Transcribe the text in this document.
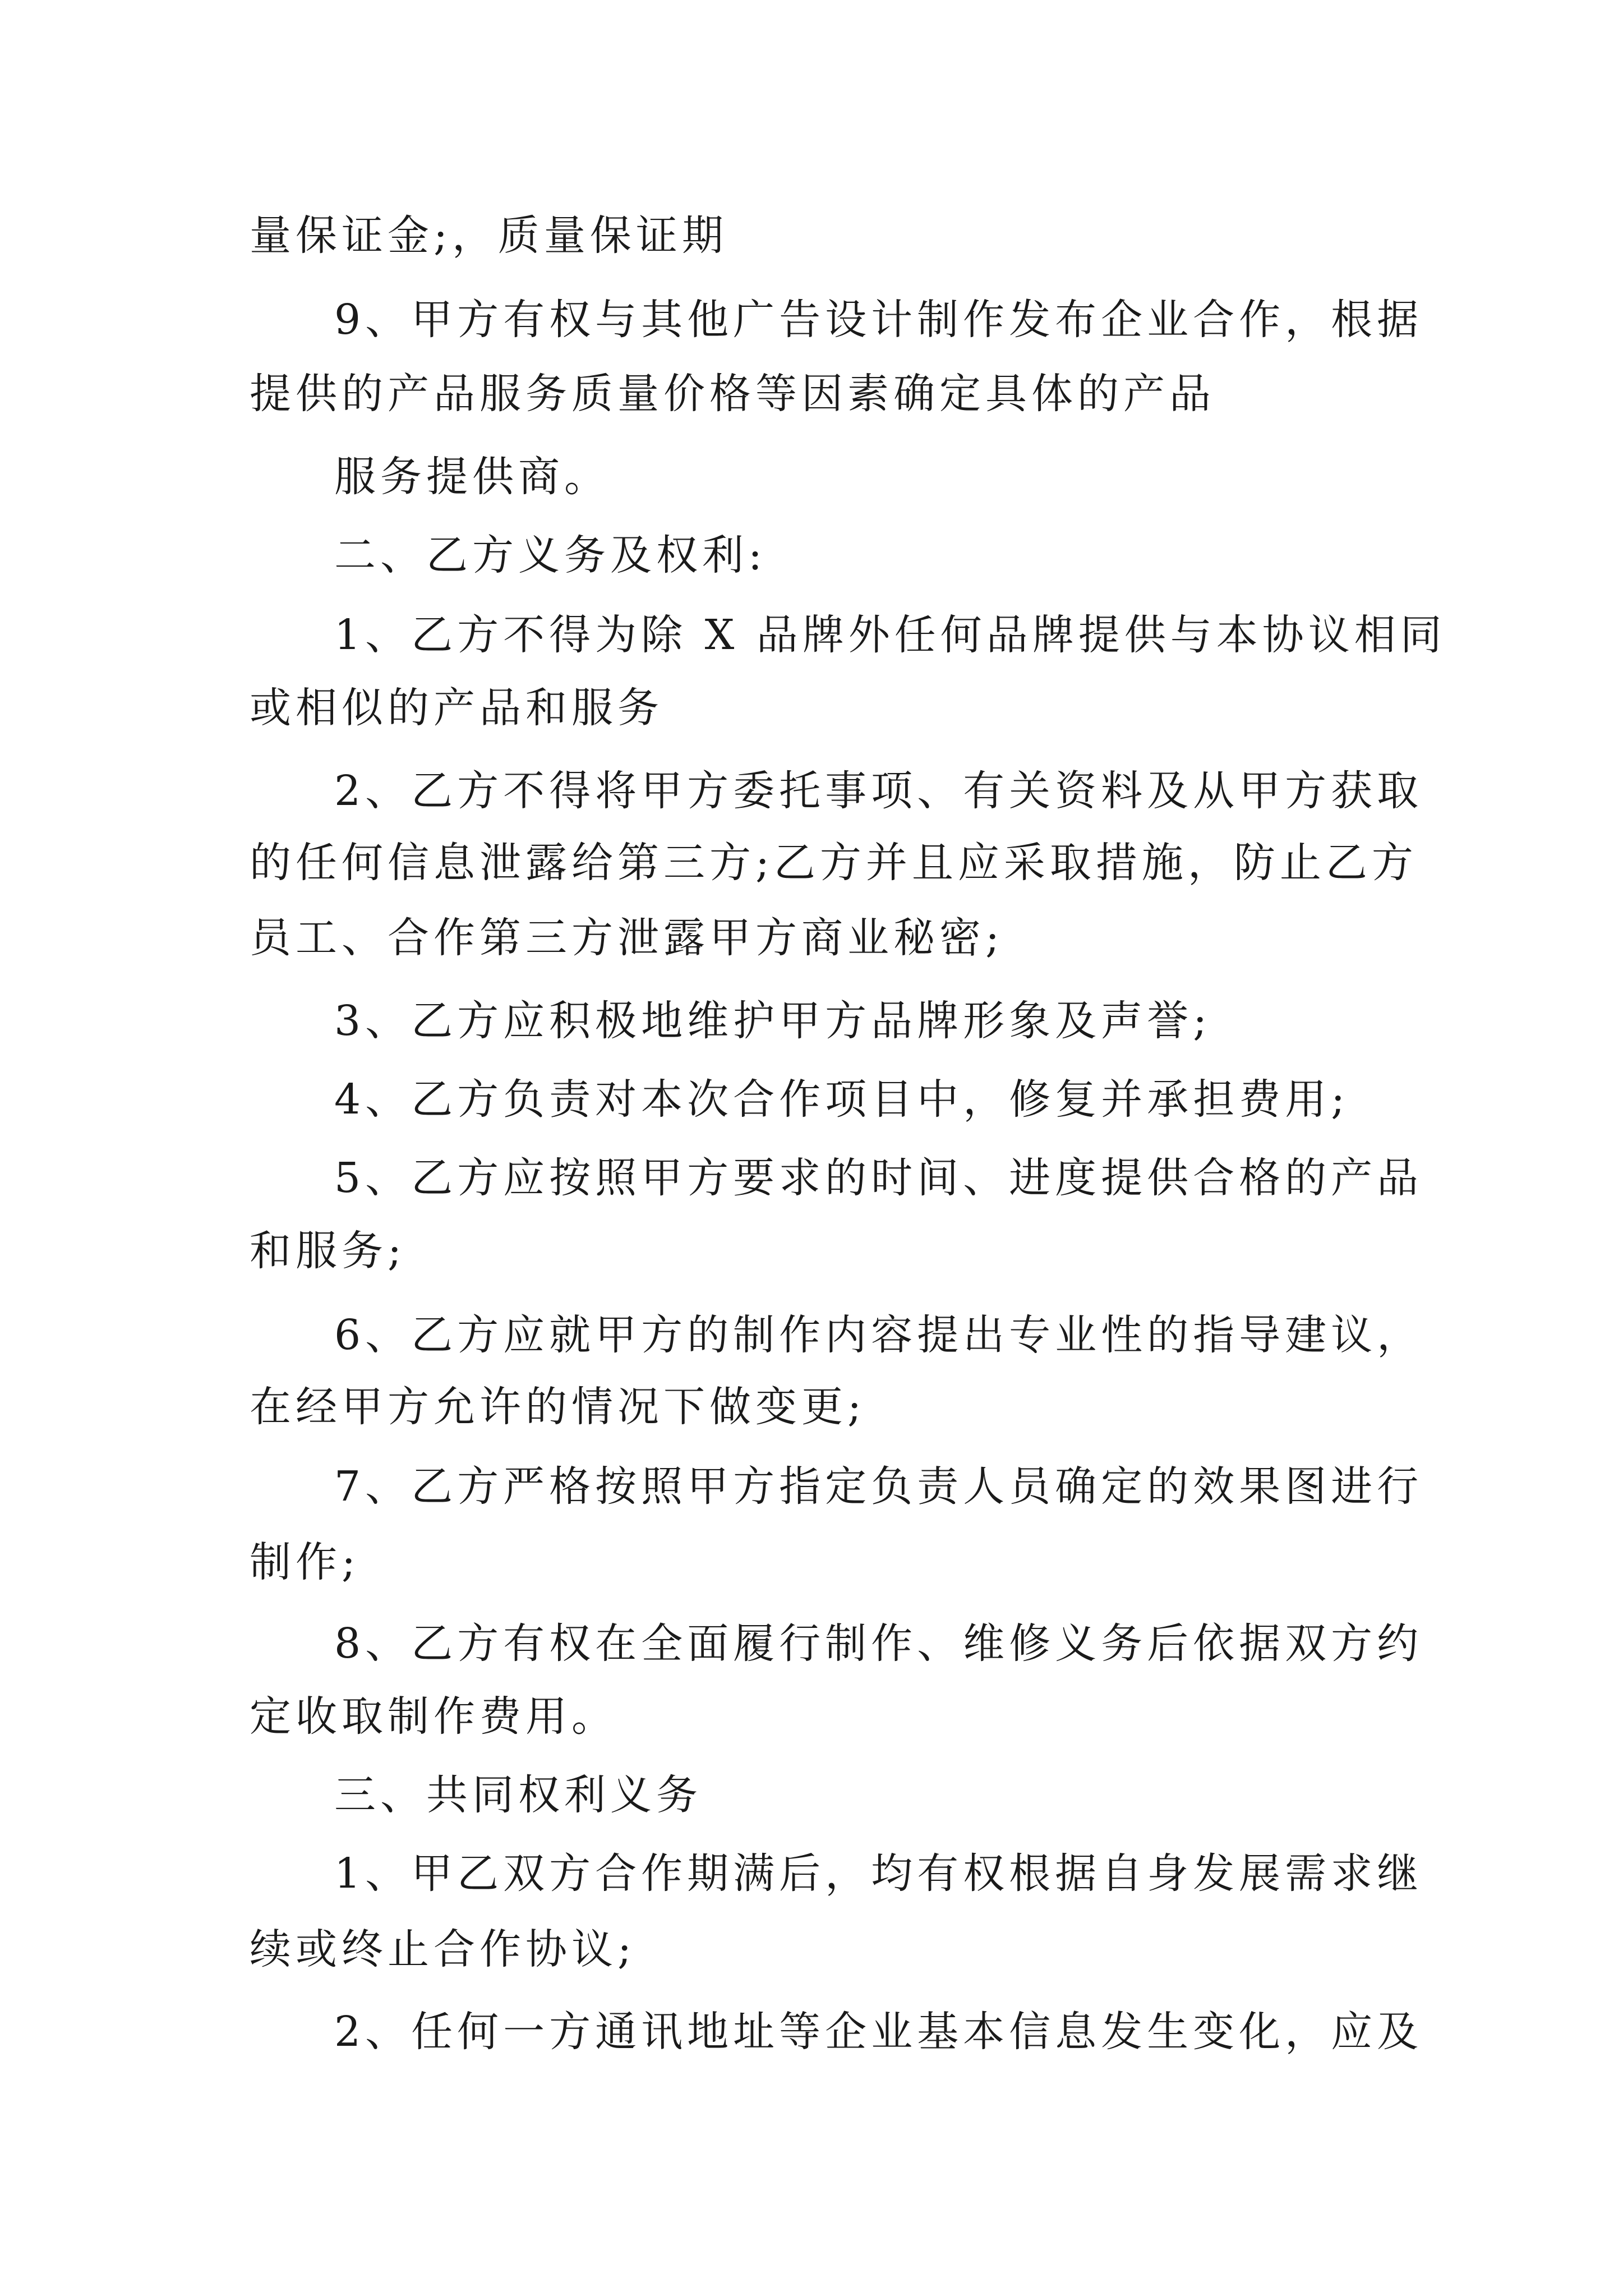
量保证金;，质量保证期
9、甲方有权与其他广告设计制作发布企业合作，根据
提供的产品服务质量价格等因素确定具体的产品
服务提供商。
二、乙方义务及权利:
1、乙方不得为除 X 品牌外任何品牌提供与本协议相同
或相似的产品和服务
2、乙方不得将甲方委托事项、有关资料及从甲方获取
的任何信息泄露给第三方;乙方并且应采取措施，防止乙方
员工、合作第三方泄露甲方商业秘密;
3、乙方应积极地维护甲方品牌形象及声誉;
4、乙方负责对本次合作项目中，修复并承担费用;
5、乙方应按照甲方要求的时间、进度提供合格的产品
和服务;
6、乙方应就甲方的制作内容提出专业性的指导建议，
在经甲方允许的情况下做变更;
7、乙方严格按照甲方指定负责人员确定的效果图进行
制作;
8、乙方有权在全面履行制作、维修义务后依据双方约
定收取制作费用。
三、共同权利义务
1、甲乙双方合作期满后，均有权根据自身发展需求继
续或终止合作协议;
2、任何一方通讯地址等企业基本信息发生变化，应及
